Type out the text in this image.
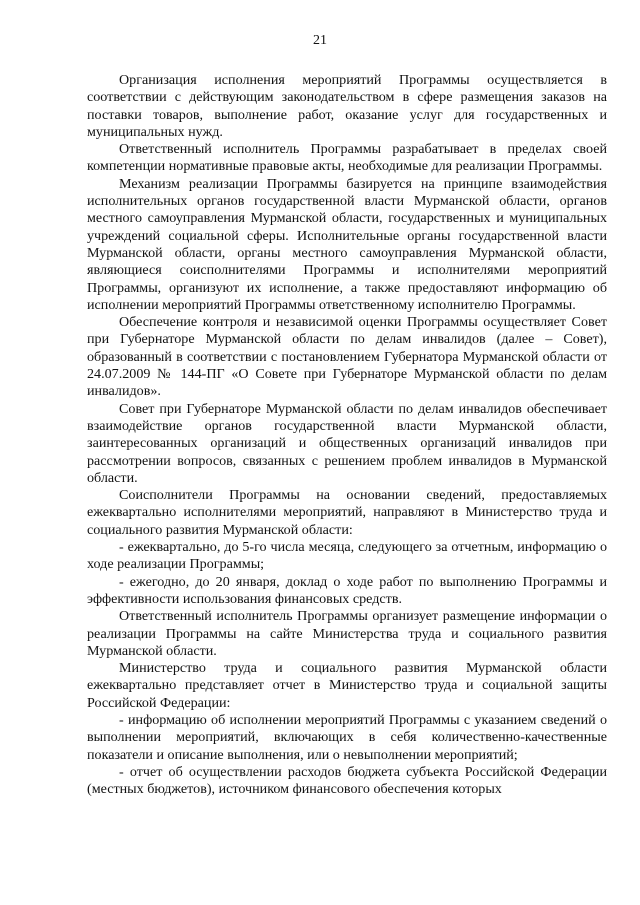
21

Организация исполнения мероприятий Программы осуществляется в соответствии с действующим законодательством в сфере размещения заказов на поставки товаров, выполнение работ, оказание услуг для государственных и муниципальных нужд.

Ответственный исполнитель Программы разрабатывает в пределах своей компетенции нормативные правовые акты, необходимые для реализации Программы.

Механизм реализации Программы базируется на принципе взаимодействия исполнительных органов государственной власти Мурманской области, органов местного самоуправления Мурманской области, государственных и муниципальных учреждений социальной сферы. Исполнительные органы государственной власти Мурманской области, органы местного самоуправления Мурманской области, являющиеся соисполнителями Программы и исполнителями мероприятий Программы, организуют их исполнение, а также предоставляют информацию об исполнении мероприятий Программы ответственному исполнителю Программы.

Обеспечение контроля и независимой оценки Программы осуществляет Совет при Губернаторе Мурманской области по делам инвалидов (далее – Совет), образованный в соответствии с постановлением Губернатора Мурманской области от 24.07.2009 № 144-ПГ «О Совете при Губернаторе Мурманской области по делам инвалидов».

Совет при Губернаторе Мурманской области по делам инвалидов обеспечивает взаимодействие органов государственной власти Мурманской области, заинтересованных организаций и общественных организаций инвалидов при рассмотрении вопросов, связанных с решением проблем инвалидов в Мурманской области.

Соисполнители Программы на основании сведений, предоставляемых ежеквартально исполнителями мероприятий, направляют в Министерство труда и социального развития Мурманской области:

- ежеквартально, до 5-го числа месяца, следующего за отчетным, информацию о ходе реализации Программы;

- ежегодно, до 20 января, доклад о ходе работ по выполнению Программы и эффективности использования финансовых средств.

Ответственный исполнитель Программы организует размещение информации о реализации Программы на сайте Министерства труда и социального развития Мурманской области.

Министерство труда и социального развития Мурманской области ежеквартально представляет отчет в Министерство труда и социальной защиты Российской Федерации:

- информацию об исполнении мероприятий Программы с указанием сведений о выполнении мероприятий, включающих в себя количественно-качественные показатели и описание выполнения, или о невыполнении мероприятий;

- отчет об осуществлении расходов бюджета субъекта Российской Федерации (местных бюджетов), источником финансового обеспечения которых
